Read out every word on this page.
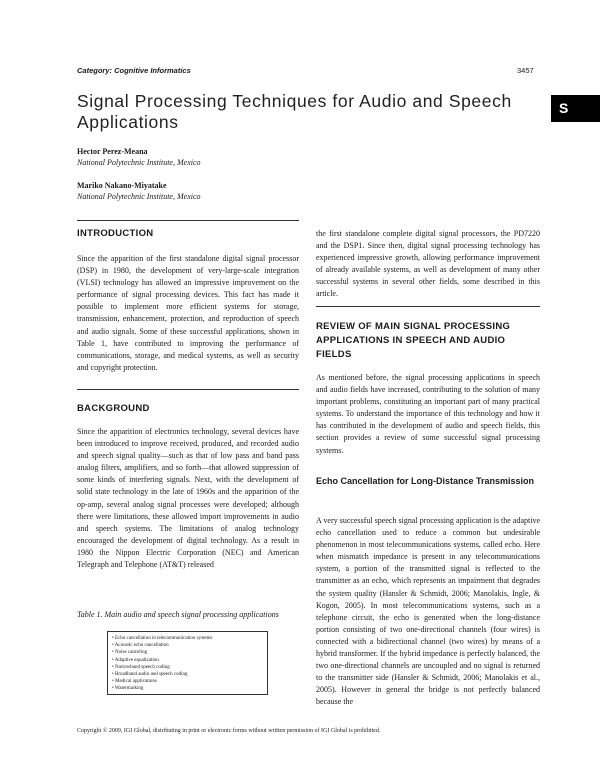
Category: Cognitive Informatics	3457
Signal Processing Techniques for Audio and Speech Applications
S
Hector Perez-Meana
National Polytechnic Institute, Mexico
Mariko Nakano-Miyatake
National Polytechnic Institute, Mexico
INTRODUCTION
Since the apparition of the first standalone digital signal processor (DSP) in 1980, the development of very-large-scale integration (VLSI) technology has allowed an impressive improvement on the performance of signal processing devices. This fact has made it possible to implement more efficient systems for storage, transmission, enhancement, protection, and reproduction of speech and audio signals. Some of these successful applications, shown in Table 1, have contributed to improving the performance of communications, storage, and medical systems, as well as security and copyright protection.
BACKGROUND
Since the apparition of electronics technology, several devices have been introduced to improve received, produced, and recorded audio and speech signal quality—such as that of low pass and band pass analog filters, amplifiers, and so forth—that allowed suppression of some kinds of interfering signals. Next, with the development of solid state technology in the late of 1960s and the apparition of the op-amp, several analog signal processes were developed; although there were limitations, these allowed import improvements in audio and speech systems. The limitations of analog technology encouraged the development of digital technology. As a result in 1980 the Nippon Electric Corporation (NEC) and American Telegraph and Telephone (AT&T) released
Table 1. Main audio and speech signal processing applications
• Echo cancellation in telecommunication systems
• Acoustic echo cancellation
• Noise canceling
• Adaptive equalization
• Narrowband speech coding
• Broadband audio and speech coding
• Medical applications
• Watermarking
the first standalone complete digital signal processors, the PD7220 and the DSP1. Since then, digital signal processing technology has experienced impressive growth, allowing performance improvement of already available systems, as well as development of many other successful systems in several other fields, some described in this article.
REVIEW OF MAIN SIGNAL PROCESSING APPLICATIONS IN SPEECH AND AUDIO FIELDS
As mentioned before, the signal processing applications in speech and audio fields have increased, contributing to the solution of many important problems, constituting an important part of many practical systems. To understand the importance of this technology and how it has contributed in the development of audio and speech fields, this section provides a review of some successful signal processing systems.
Echo Cancellation for Long-Distance Transmission
A very successful speech signal processing application is the adaptive echo cancellation used to reduce a common but undesirable phenomenon in most telecommunications systems, called echo. Here when mismatch impedance is present in any telecommunications system, a portion of the transmitted signal is reflected to the transmitter as an echo, which represents an impairment that degrades the system quality (Hansler & Schmidt, 2006; Manolakis, Ingle, & Kogon, 2005). In most telecommunications systems, such as a telephone circuit, the echo is generated when the long-distance portion consisting of two one-directional channels (four wires) is connected with a bidirectional channel (two wires) by means of a hybrid transformer. If the hybrid impedance is perfectly balanced, the two one-directional channels are uncoupled and no signal is returned to the transmitter side (Hansler & Schmidt, 2006; Manolakis et al., 2005). However in general the bridge is not perfectly balanced because the
Copyright © 2009, IGI Global, distributing in print or electronic forms without written permission of IGI Global is prohibited.
